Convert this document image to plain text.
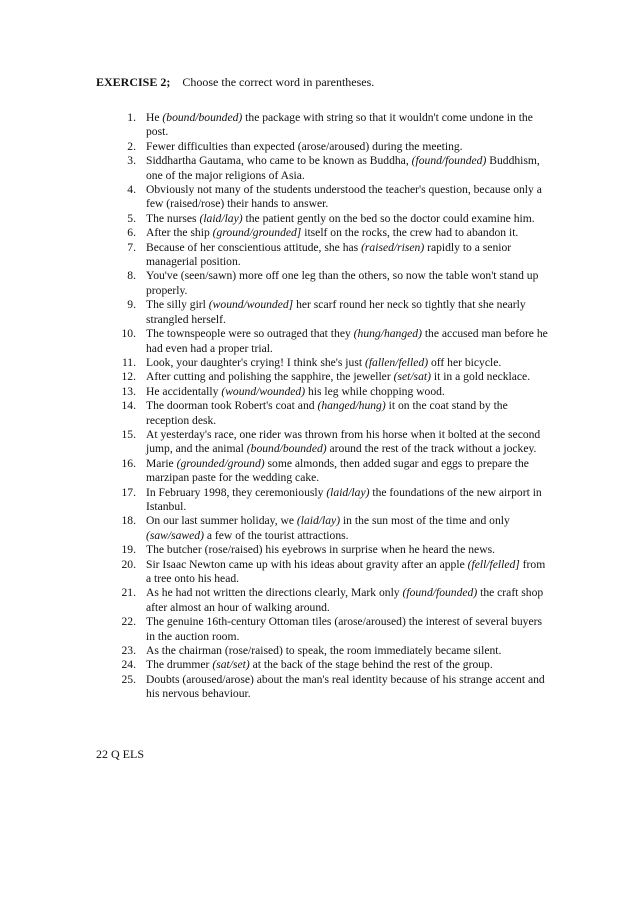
EXERCISE 2; Choose the correct word in parentheses.
1. He (bound/bounded) the package with string so that it wouldn't come undone in the post.
2. Fewer difficulties than expected (arose/aroused) during the meeting.
3. Siddhartha Gautama, who came to be known as Buddha, (found/founded) Buddhism, one of the major religions of Asia.
4. Obviously not many of the students understood the teacher's question, because only a few (raised/rose) their hands to answer.
5. The nurses (laid/lay) the patient gently on the bed so the doctor could examine him.
6. After the ship (ground/grounded] itself on the rocks, the crew had to abandon it.
7. Because of her conscientious attitude, she has (raised/risen) rapidly to a senior managerial position.
8. You've (seen/sawn) more off one leg than the others, so now the table won't stand up properly.
9. The silly girl (wound/wounded] her scarf round her neck so tightly that she nearly strangled herself.
10. The townspeople were so outraged that they (hung/hanged) the accused man before he had even had a proper trial.
11. Look, your daughter's crying! I think she's just (fallen/felled) off her bicycle.
12. After cutting and polishing the sapphire, the jeweller (set/sat) it in a gold necklace.
13. He accidentally (wound/wounded) his leg while chopping wood.
14. The doorman took Robert's coat and (hanged/hung) it on the coat stand by the reception desk.
15. At yesterday's race, one rider was thrown from his horse when it bolted at the second jump, and the animal (bound/bounded) around the rest of the track without a jockey.
16. Marie (grounded/ground) some almonds, then added sugar and eggs to prepare the marzipan paste for the wedding cake.
17. In February 1998, they ceremoniously (laid/lay) the foundations of the new airport in Istanbul.
18. On our last summer holiday, we (laid/lay) in the sun most of the time and only (saw/sawed) a few of the tourist attractions.
19. The butcher (rose/raised) his eyebrows in surprise when he heard the news.
20. Sir Isaac Newton came up with his ideas about gravity after an apple (fell/felled] from a tree onto his head.
21. As he had not written the directions clearly, Mark only (found/founded) the craft shop after almost an hour of walking around.
22. The genuine 16th-century Ottoman tiles (arose/aroused) the interest of several buyers in the auction room.
23. As the chairman (rose/raised) to speak, the room immediately became silent.
24. The drummer (sat/set) at the back of the stage behind the rest of the group.
25. Doubts (aroused/arose) about the man's real identity because of his strange accent and his nervous behaviour.
22 Q ELS
